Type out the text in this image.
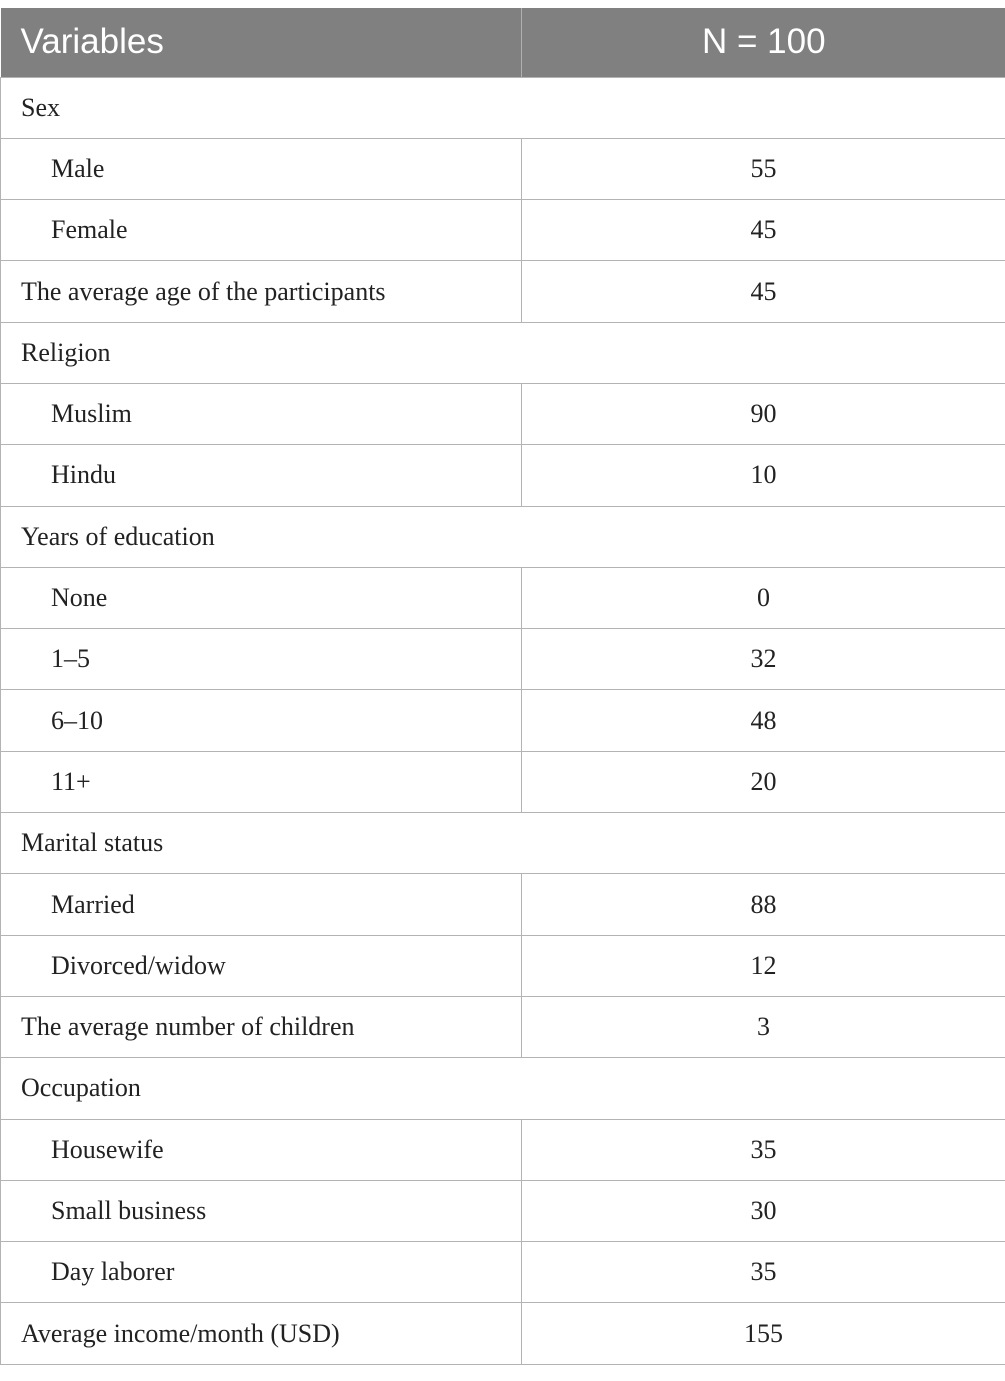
Variables	N = 100
Sex	
Male	55
Female	45
The average age of the participants	45
Religion	
Muslim	90
Hindu	10
Years of education	
None	0
1–5	32
6–10	48
11+	20
Marital status	
Married	88
Divorced/widow	12
The average number of children	3
Occupation	
Housewife	35
Small business	30
Day laborer	35
Average income/month (USD)	155
